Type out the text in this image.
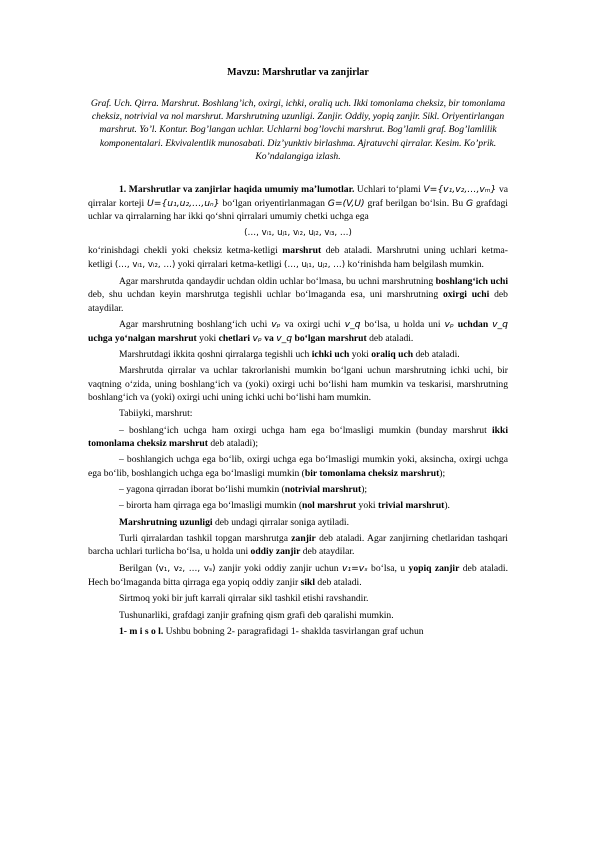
Mavzu: Marshrutlar va zanjirlar
Graf. Uch. Qirra. Marshrut. Boshlang’ich, oxirgi, ichki, oraliq uch. Ikki tomonlama cheksiz, bir tomonlama cheksiz, notrivial va nol marshrut. Marshrutning uzunligi. Zanjir. Oddiy, yopiq zanjir. Sikl. Oriyentirlangan marshrut. Yo’l. Kontur. Bog’langan uchlar. Uchlarni bog’lovchi marshrut. Bog’lamli graf. Bog’lamlilik komponentalari. Ekvivalentlik munosabati. Diz’yunktiv birlashma. Ajratuvchi qirralar. Kesim. Ko’prik. Ko’ndalangiga izlash.

1. Marshrutlar va zanjirlar haqida umumiy ma’lumotlar. Uchlari to‘plami V={v₁,v₂,…,vₘ} va qirralar korteji U={u₁,u₂,…,uₙ} bo‘lgan oriyentirlanmagan G=(V,U) graf berilgan bo‘lsin. Bu G grafdagi uchlar va qirralarning har ikki qo‘shni qirralari umumiy chetki uchga ega

(…, vᵢ₁, uⱼ₁, vᵢ₂, uⱼ₂, vᵢ₃, …)

ko‘rinishdagi chekli yoki cheksiz ketma-ketligi marshrut deb ataladi. Marshrutni uning uchlari ketma-ketligi (…, vᵢ₁, vᵢ₂, …) yoki qirralari ketma-ketligi (…, uⱼ₁, uⱼ₂, …) ko‘rinishda ham belgilash mumkin.

Agar marshrutda qandaydir uchdan oldin uchlar bo‘lmasa, bu uchni marshrutning boshlang‘ich uchi deb, shu uchdan keyin marshrutga tegishli uchlar bo‘lmaganda esa, uni marshrutning oxirgi uchi deb ataydilar.

Agar marshrutning boshlang‘ich uchi vₚ va oxirgi uchi v_q bo‘lsa, u holda uni vₚ uchdan v_q uchga yo‘nalgan marshrut yoki chetlari vₚ va v_q bo‘lgan marshrut deb ataladi.

Marshrutdagi ikkita qoshni qirralarga tegishli uch ichki uch yoki oraliq uch deb ataladi.

Marshrutda qirralar va uchlar takrorlanishi mumkin bo‘lgani uchun marshrutning ichki uchi, bir vaqtning o‘zida, uning boshlang‘ich va (yoki) oxirgi uchi bo‘lishi ham mumkin va teskarisi, marshrutning boshlang‘ich va (yoki) oxirgi uchi uning ichki uchi bo‘lishi ham mumkin.

Tabiiyki, marshrut:

– boshlang‘ich uchga ham oxirgi uchga ham ega bo‘lmasligi mumkin (bunday marshrut ikki tomonlama cheksiz marshrut deb ataladi);

– boshlangich uchga ega bo‘lib, oxirgi uchga ega bo‘lmasligi mumkin yoki, aksincha, oxirgi uchga ega bo‘lib, boshlangich uchga ega bo‘lmasligi mumkin (bir tomonlama cheksiz marshrut);

– yagona qirradan iborat bo‘lishi mumkin (notrivial marshrut);

– birorta ham qirraga ega bo‘lmasligi mumkin (nol marshrut yoki trivial marshrut).

Marshrutning uzunligi deb undagi qirralar soniga aytiladi.

Turli qirralardan tashkil topgan marshrutga zanjir deb ataladi. Agar zanjirning chetlaridan tashqari barcha uchlari turlicha bo‘lsa, u holda uni oddiy zanjir deb ataydilar.

Berilgan (v₁, v₂, …, vₛ) zanjir yoki oddiy zanjir uchun v₁=vₛ bo‘lsa, u yopiq zanjir deb ataladi. Hech bo‘lmaganda bitta qirraga ega yopiq oddiy zanjir sikl deb ataladi.

Sirtmoq yoki bir juft karrali qirralar sikl tashkil etishi ravshandir.

Tushunarliki, grafdagi zanjir grafning qism grafi deb qaralishi mumkin.

1- m i s o l. Ushbu bobning 2- paragrafidagi 1- shaklda tasvirlangan graf uchun
